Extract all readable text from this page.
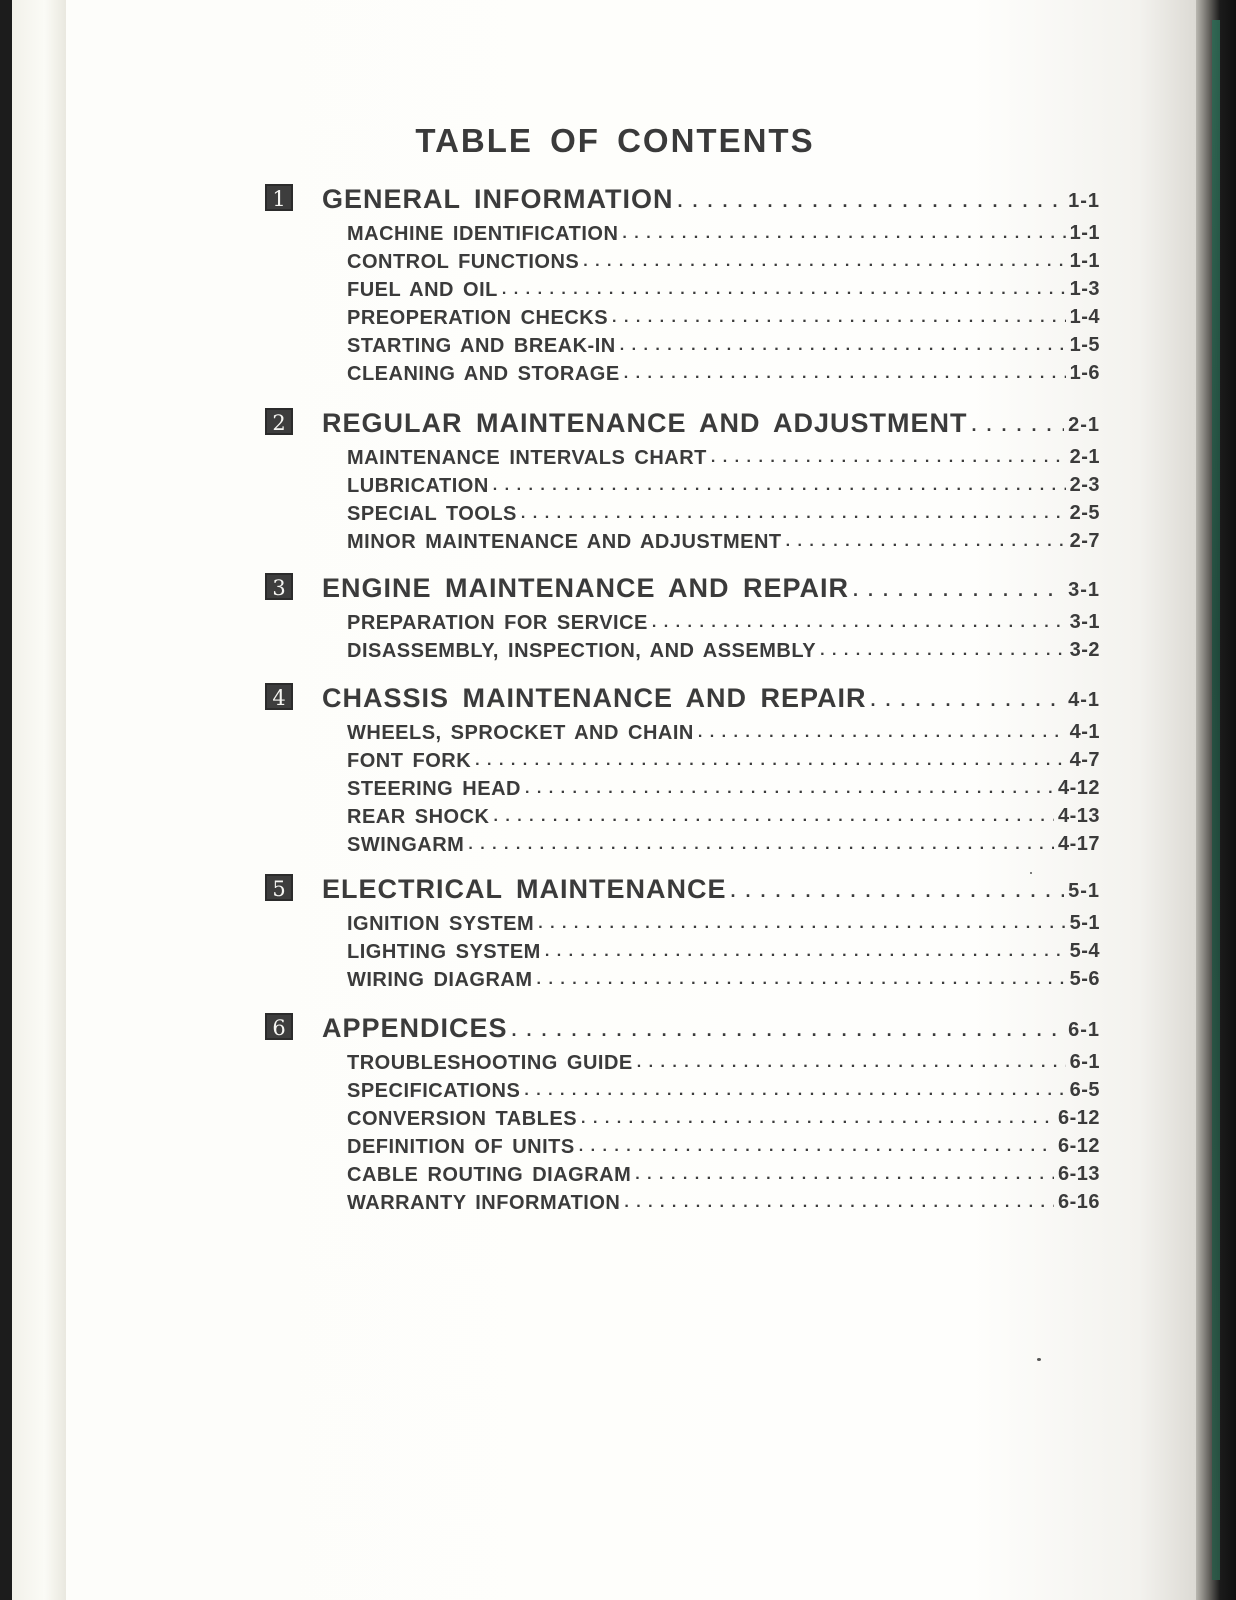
TABLE OF CONTENTS
1 GENERAL INFORMATION . . .	1-1
MACHINE IDENTIFICATION . . .	1-1
CONTROL FUNCTIONS . . .	1-1
FUEL AND OIL . . .	1-3
PREOPERATION CHECKS . . .	1-4
STARTING AND BREAK-IN . . .	1-5
CLEANING AND STORAGE . . .	1-6
2 REGULAR MAINTENANCE AND ADJUSTMENT . . .	2-1
MAINTENANCE INTERVALS CHART . . .	2-1
LUBRICATION . . .	2-3
SPECIAL TOOLS . . .	2-5
MINOR MAINTENANCE AND ADJUSTMENT . . .	2-7
3 ENGINE MAINTENANCE AND REPAIR . . .	3-1
PREPARATION FOR SERVICE . . .	3-1
DISASSEMBLY, INSPECTION, AND ASSEMBLY . . .	3-2
4 CHASSIS MAINTENANCE AND REPAIR . . .	4-1
WHEELS, SPROCKET AND CHAIN . . .	4-1
FONT FORK . . .	4-7
STEERING HEAD . . .	4-12
REAR SHOCK . . .	4-13
SWINGARM . . .	4-17
5 ELECTRICAL MAINTENANCE . . .	5-1
IGNITION SYSTEM . . .	5-1
LIGHTING SYSTEM . . .	5-4
WIRING DIAGRAM . . .	5-6
6 APPENDICES . . .	6-1
TROUBLESHOOTING GUIDE . . .	6-1
SPECIFICATIONS . . .	6-5
CONVERSION TABLES . . .	6-12
DEFINITION OF UNITS . . .	6-12
CABLE ROUTING DIAGRAM . . .	6-13
WARRANTY INFORMATION . . .	6-16
